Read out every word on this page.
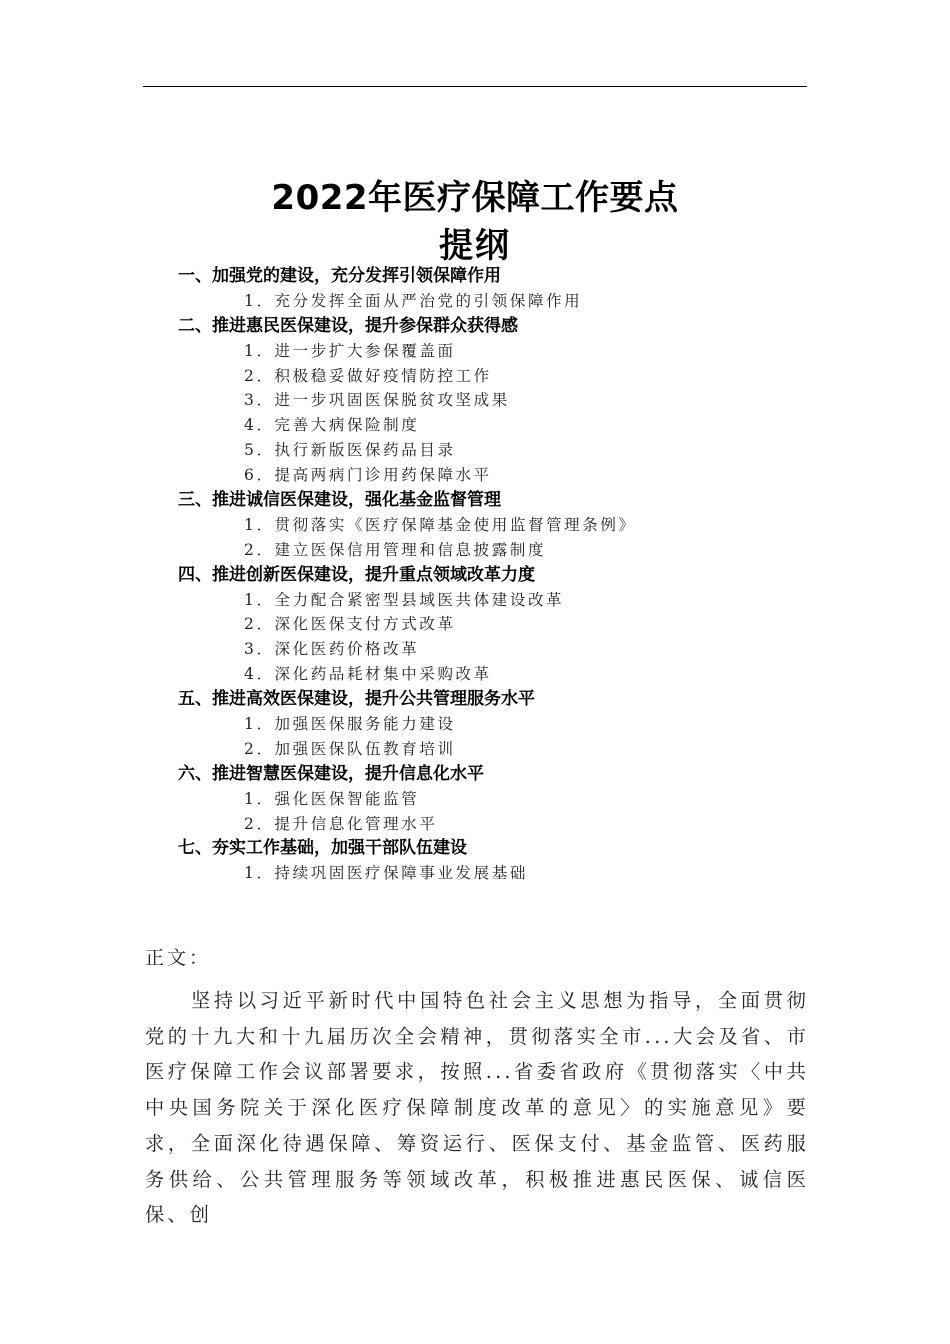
2022年医疗保障工作要点
提纲
一、加强党的建设，充分发挥引领保障作用
1．充分发挥全面从严治党的引领保障作用
二、推进惠民医保建设，提升参保群众获得感
1．进一步扩大参保覆盖面
2．积极稳妥做好疫情防控工作
3．进一步巩固医保脱贫攻坚成果
4．完善大病保险制度
5．执行新版医保药品目录
6．提高两病门诊用药保障水平
三、推进诚信医保建设，强化基金监督管理
1．贯彻落实《医疗保障基金使用监督管理条例》
2．建立医保信用管理和信息披露制度
四、推进创新医保建设，提升重点领域改革力度
1．全力配合紧密型县域医共体建设改革
2．深化医保支付方式改革
3．深化医药价格改革
4．深化药品耗材集中采购改革
五、推进高效医保建设，提升公共管理服务水平
1．加强医保服务能力建设
2．加强医保队伍教育培训
六、推进智慧医保建设，提升信息化水平
1．强化医保智能监管
2．提升信息化管理水平
七、夯实工作基础，加强干部队伍建设
1．持续巩固医疗保障事业发展基础
正文：
坚持以习近平新时代中国特色社会主义思想为指导，全面贯彻党的十九大和十九届历次全会精神，贯彻落实全市...大会及省、市医疗保障工作会议部署要求，按照...省委省政府《贯彻落实〈中共中央国务院关于深化医疗保障制度改革的意见〉的实施意见》要求，全面深化待遇保障、筹资运行、医保支付、基金监管、医药服务供给、公共管理服务等领域改革，积极推进惠民医保、诚信医保、创
